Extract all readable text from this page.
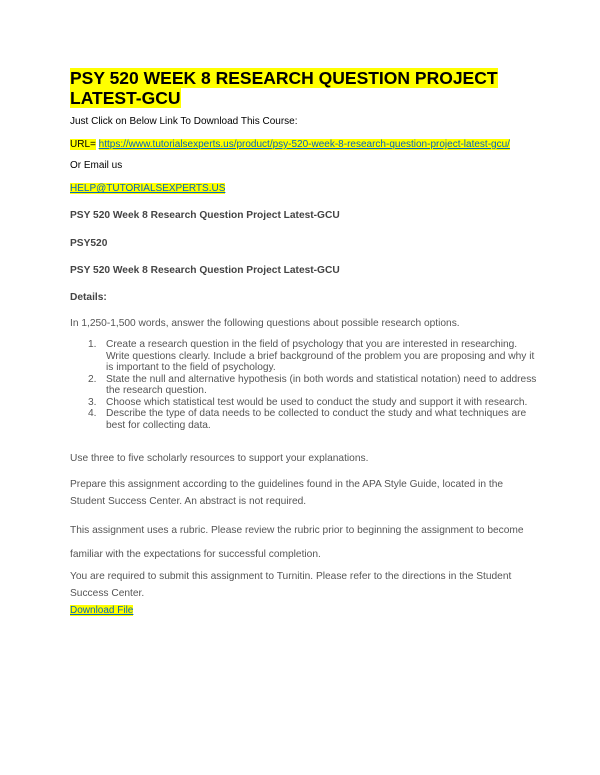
PSY 520 WEEK 8 RESEARCH QUESTION PROJECT
LATEST-GCU
Just Click on Below Link To Download This Course:
URL= https://www.tutorialsexperts.us/product/psy-520-week-8-research-question-project-latest-gcu/
Or Email us
HELP@TUTORIALSEXPERTS.US
PSY 520 Week 8 Research Question Project Latest-GCU
PSY520
PSY 520 Week 8 Research Question Project Latest-GCU
Details:
In 1,250-1,500 words, answer the following questions about possible research options.
1. Create a research question in the field of psychology that you are interested in researching. Write questions clearly. Include a brief background of the problem you are proposing and why it is important to the field of psychology.
2. State the null and alternative hypothesis (in both words and statistical notation) need to address the research question.
3. Choose which statistical test would be used to conduct the study and support it with research.
4. Describe the type of data needs to be collected to conduct the study and what techniques are best for collecting data.
Use three to five scholarly resources to support your explanations.
Prepare this assignment according to the guidelines found in the APA Style Guide, located in the Student Success Center. An abstract is not required.
This assignment uses a rubric. Please review the rubric prior to beginning the assignment to become familiar with the expectations for successful completion.
You are required to submit this assignment to Turnitin. Please refer to the directions in the Student Success Center.
Download File
